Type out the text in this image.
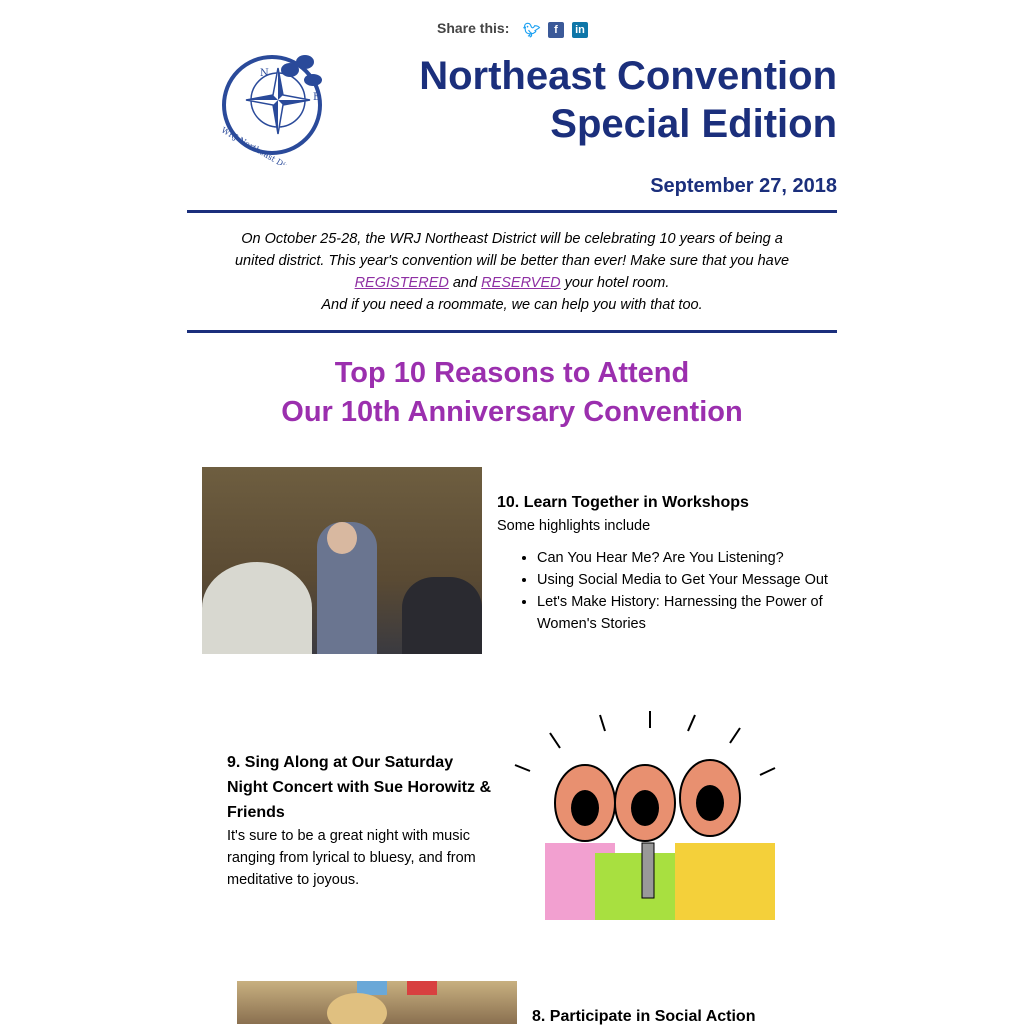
Share this: 🐦︎	f	in
N
E
WRJ Northeast District
Northeast Convention
Special Edition
September 27, 2018
On October 25-28, the WRJ Northeast District will be celebrating 10 years of being a united district. This year's convention will be better than ever! Make sure that you have REGISTERED and RESERVED your hotel room.
And if you need a roommate, we can help you with that too.
Top 10 Reasons to Attend
Our 10th Anniversary Convention
10. Learn Together in Workshops
Some highlights include
• Can You Hear Me? Are You Listening?
• Using Social Media to Get Your Message Out
• Let's Make History: Harnessing the Power of Women's Stories
9. Sing Along at Our Saturday Night Concert with Sue Horowitz & Friends
It's sure to be a great night with music ranging from lyrical to bluesy, and from meditative to joyous.
8. Participate in Social Action
